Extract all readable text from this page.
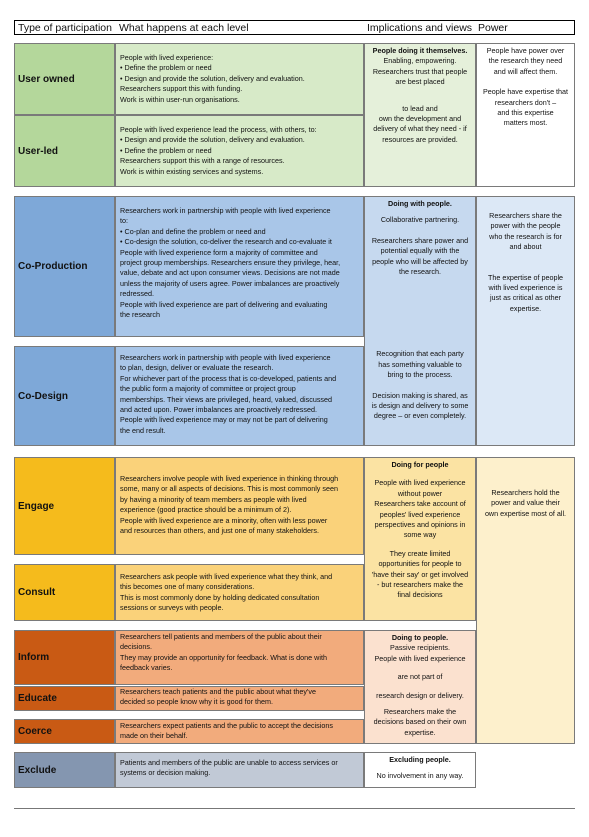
Type of participation What happens at each level	Implications and views Power
User owned
People with lived experience:
• Define the problem or need
• Design and provide the solution, delivery and evaluation.
Researchers support this with funding.
Work is within user-run organisations.
User-led
People with lived experience lead the process, with others, to:
• Design and provide the solution, delivery and evaluation.
• Define the problem or need
Researchers support this with a range of resources.
Work is within existing services and systems.
People doing it themselves.
Enabling, empowering.
Researchers trust that people
are best placed
to lead and
own the development and
delivery of what they need - if
resources are provided.
People have power over
the research they need
and will affect them.
People have expertise that
researchers don't –
and this expertise
matters most.
Co-Production
Researchers work in partnership with people with lived experience
to:
• Co-plan and define the problem or need and
• Co-design the solution, co-deliver the research and co-evaluate it
People with lived experience form a majority of committee and
project group memberships. Researchers ensure they privilege, hear,
value, debate and act upon consumer views. Decisions are not made
unless the majority of users agree. Power imbalances are proactively
redressed.
People with lived experience are part of delivering and evaluating
the research
Co-Design
Researchers work in partnership with people with lived experience
to plan, design, deliver or evaluate the research.
For whichever part of the process that is co-developed, patients and
the public form a majority of committee or project group
memberships. Their views are privileged, heard, valued, discussed
and acted upon. Power imbalances are proactively redressed.
People with lived experience may or may not be part of delivering
the end result.
Doing with people.
Collaborative partnering.
Researchers share power and
potential equally with the
people who will be affected by
the research.
Recognition that each party
has something valuable to
bring to the process.
Decision making is shared, as
is design and delivery to some
degree – or even completely.
Researchers share the
power with the people
who the research is for
and about
The expertise of people
with lived experience is
just as critical as other
expertise.
Engage
Researchers involve people with lived experience in thinking through
some, many or all aspects of decisions. This is most commonly seen
by having a minority of team members as people with lived
experience (good practice should be a minimum of 2).
People with lived experience are a minority, often with less power
and resources than others, and just one of many stakeholders.
Consult
Researchers ask people with lived experience what they think, and
this becomes one of many considerations.
This is most commonly done by holding dedicated consultation
sessions or surveys with people.
Doing for people
People with lived experience
without power
Researchers take account of
peoples' lived experience
perspectives and opinions in
some way
They create limited
opportunities for people to
'have their say' or get involved
- but researchers make the
final decisions
Inform
Researchers tell patients and members of the public about their
decisions.
They may provide an opportunity for feedback. What is done with
feedback varies.
Educate
Researchers teach patients and the public about what they've
decided so people know why it is good for them.
Coerce
Researchers expect patients and the public to accept the decisions
made on their behalf.
Doing to people.
Passive recipients.
People with lived experience
are not part of
research design or delivery.
Researchers make the
decisions based on their own
expertise.
Researchers hold the
power and value their
own expertise most of all.
Exclude
Patients and members of the public are unable to access services or
systems or decision making.
Excluding people.
No involvement in any way.
